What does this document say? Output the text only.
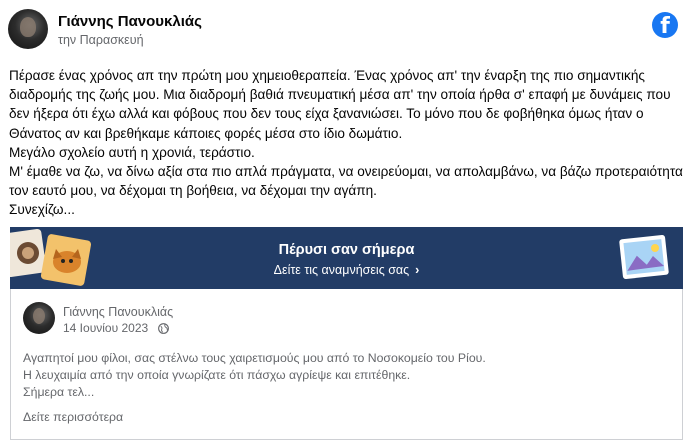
Γιάννης Πανουκλιάς
την Παρασκευή
f

Πέρασε ένας χρόνος απ την πρώτη μου χημειοθεραπεία. Ένας χρόνος απ' την έναρξη της πιο σημαντικής διαδρομής της ζωής μου. Μια διαδρομή βαθιά πνευματική μέσα απ' την οποία ήρθα σ' επαφή με δυνάμεις που δεν ήξερα ότι έχω αλλά και φόβους που δεν τους είχα ξανανιώσει. Το μόνο που δε φοβήθηκα όμως ήταν ο Θάνατος αν και βρεθήκαμε κάποιες φορές μέσα στο ίδιο δωμάτιο.

Μεγάλο σχολείο αυτή η χρονιά, τεράστιο.

Μ' έμαθε να ζω, να δίνω αξία στα πιο απλά πράγματα, να ονειρεύομαι, να απολαμβάνω, να βάζω προτεραιότητα τον εαυτό μου, να δέχομαι τη βοήθεια, να δέχομαι την αγάπη.

Συνεχίζω...

Πέρυσι σαν σήμερα
Δείτε τις αναμνήσεις σας ›
Γιάννης Πανουκλιάς
14 Ιουνίου 2023

Αγαπητοί μου φίλοι, σας στέλνω τους χαιρετισμούς μου από το Νοσοκομείο του Ρίου.

Η λευχαιμία από την οποία γνωρίζατε ότι πάσχω αγρίεψε και επιτέθηκε.

Σήμερα τελ...

Δείτε περισσότερα
